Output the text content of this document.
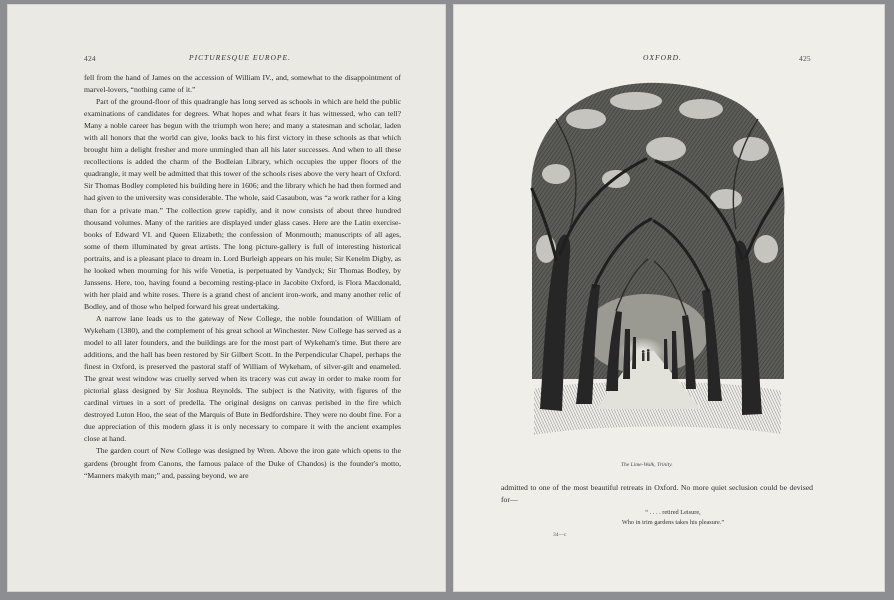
424	PICTURESQUE EUROPE.

fell from the hand of James on the accession of William IV., and, somewhat to the disappointment of marvel-lovers, “nothing came of it.”

Part of the ground-floor of this quadrangle has long served as schools in which are held the public examinations of candidates for degrees. What hopes and what fears it has witnessed, who can tell? Many a noble career has begun with the triumph won here; and many a statesman and scholar, laden with all honors that the world can give, looks back to his first victory in these schools as that which brought him a delight fresher and more unmingled than all his later successes. And when to all these recollections is added the charm of the Bodleian Library, which occupies the upper floors of the quadrangle, it may well be admitted that this tower of the schools rises above the very heart of Oxford. Sir Thomas Bodley completed his building here in 1606; and the library which he had then formed and had given to the university was considerable. The whole, said Casaubon, was “a work rather for a king than for a private man.” The collection grew rapidly, and it now consists of about three hundred thousand volumes. Many of the rarities are displayed under glass cases. Here are the Latin exercise-books of Edward VI. and Queen Elizabeth; the confession of Monmouth; manuscripts of all ages, some of them illuminated by great artists. The long picture-gallery is full of interesting historical portraits, and is a pleasant place to dream in. Lord Burleigh appears on his mule; Sir Kenelm Digby, as he looked when mourning for his wife Venetia, is perpetuated by Vandyck; Sir Thomas Bodley, by Janssens. Here, too, having found a becoming resting-place in Jacobite Oxford, is Flora Macdonald, with her plaid and white roses. There is a grand chest of ancient iron-work, and many another relic of Bodley, and of those who helped forward his great undertaking.

A narrow lane leads us to the gateway of New College, the noble foundation of William of Wykeham (1380), and the complement of his great school at Winchester. New College has served as a model to all later founders, and the buildings are for the most part of Wykeham's time. But there are additions, and the hall has been restored by Sir Gilbert Scott. In the Perpendicular Chapel, perhaps the finest in Oxford, is preserved the pastoral staff of William of Wykeham, of silver-gilt and enameled. The great west window was cruelly served when its tracery was cut away in order to make room for pictorial glass designed by Sir Joshua Reynolds. The subject is the Nativity, with figures of the cardinal virtues in a sort of predella. The original designs on canvas perished in the fire which destroyed Luton Hoo, the seat of the Marquis of Bute in Bedfordshire. They were no doubt fine. For a due appreciation of this modern glass it is only necessary to compare it with the ancient examples close at hand.

The garden court of New College was designed by Wren. Above the iron gate which opens to the gardens (brought from Canons, the famous palace of the Duke of Chandos) is the founder's motto, “Manners makyth man;” and, passing beyond, we are

OXFORD.	425
The Lime-Walk, Trinity.
admitted to one of the most beautiful retreats in Oxford. No more quiet seclusion could be devised for—
“ . . . . retired Leisure,
Who in trim gardens takes his pleasure.”
34—c
